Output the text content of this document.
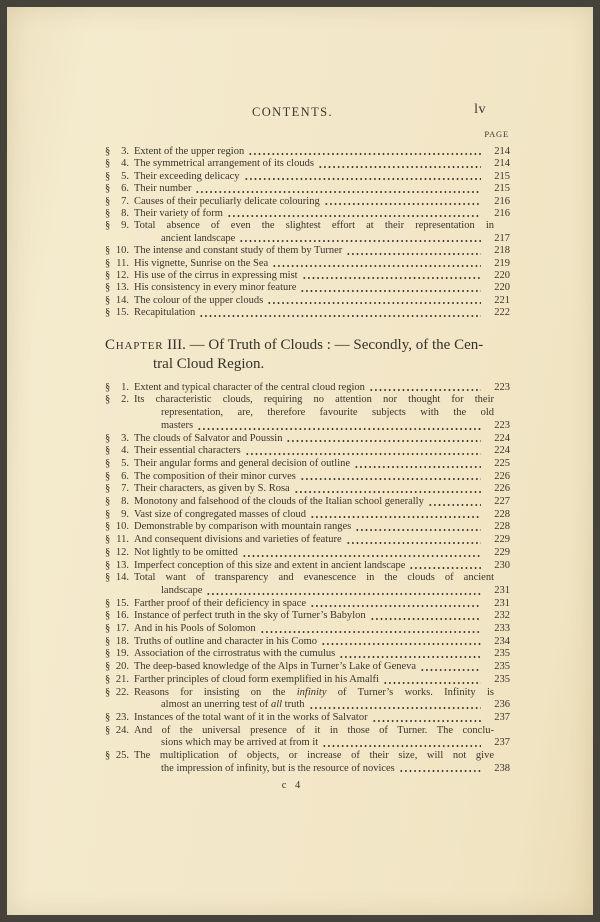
CONTENTS.	lv
PAGE
§ 3. Extent of the upper region	214
§ 4. The symmetrical arrangement of its clouds	214
§ 5. Their exceeding delicacy	215
§ 6. Their number	215
§ 7. Causes of their peculiarly delicate colouring	216
§ 8. Their variety of form	216
§ 9. Total absence of even the slightest effort at their representation in
ancient landscape	217
§ 10. The intense and constant study of them by Turner	218
§ 11. His vignette, Sunrise on the Sea	219
§ 12. His use of the cirrus in expressing mist	220
§ 13. His consistency in every minor feature	220
§ 14. The colour of the upper clouds	221
§ 15. Recapitulation	222
Chapter III. — Of Truth of Clouds : — Secondly, of the Cen-
tral Cloud Region.
§ 1. Extent and typical character of the central cloud region	223
§ 2. Its characteristic clouds, requiring no attention nor thought for their
representation, are, therefore favourite subjects with the old
masters	223
§ 3. The clouds of Salvator and Poussin	224
§ 4. Their essential characters	224
§ 5. Their angular forms and general decision of outline	225
§ 6. The composition of their minor curves	226
§ 7. Their characters, as given by S. Rosa	226
§ 8. Monotony and falsehood of the clouds of the Italian school generally	227
§ 9. Vast size of congregated masses of cloud	228
§ 10. Demonstrable by comparison with mountain ranges	228
§ 11. And consequent divisions and varieties of feature	229
§ 12. Not lightly to be omitted	229
§ 13. Imperfect conception of this size and extent in ancient landscape	230
§ 14. Total want of transparency and evanescence in the clouds of ancient
landscape	231
§ 15. Farther proof of their deficiency in space	231
§ 16. Instance of perfect truth in the sky of Turner’s Babylon	232
§ 17. And in his Pools of Solomon	233
§ 18. Truths of outline and character in his Como	234
§ 19. Association of the cirrostratus with the cumulus	235
§ 20. The deep-based knowledge of the Alps in Turner’s Lake of Geneva	235
§ 21. Farther principles of cloud form exemplified in his Amalfi	235
§ 22. Reasons for insisting on the infinity of Turner’s works. Infinity is
almost an unerring test of all truth	236
§ 23. Instances of the total want of it in the works of Salvator	237
§ 24. And of the universal presence of it in those of Turner. The conclu-
sions which may be arrived at from it	237
§ 25. The multiplication of objects, or increase of their size, will not give
the impression of infinity, but is the resource of novices	238
c 4
